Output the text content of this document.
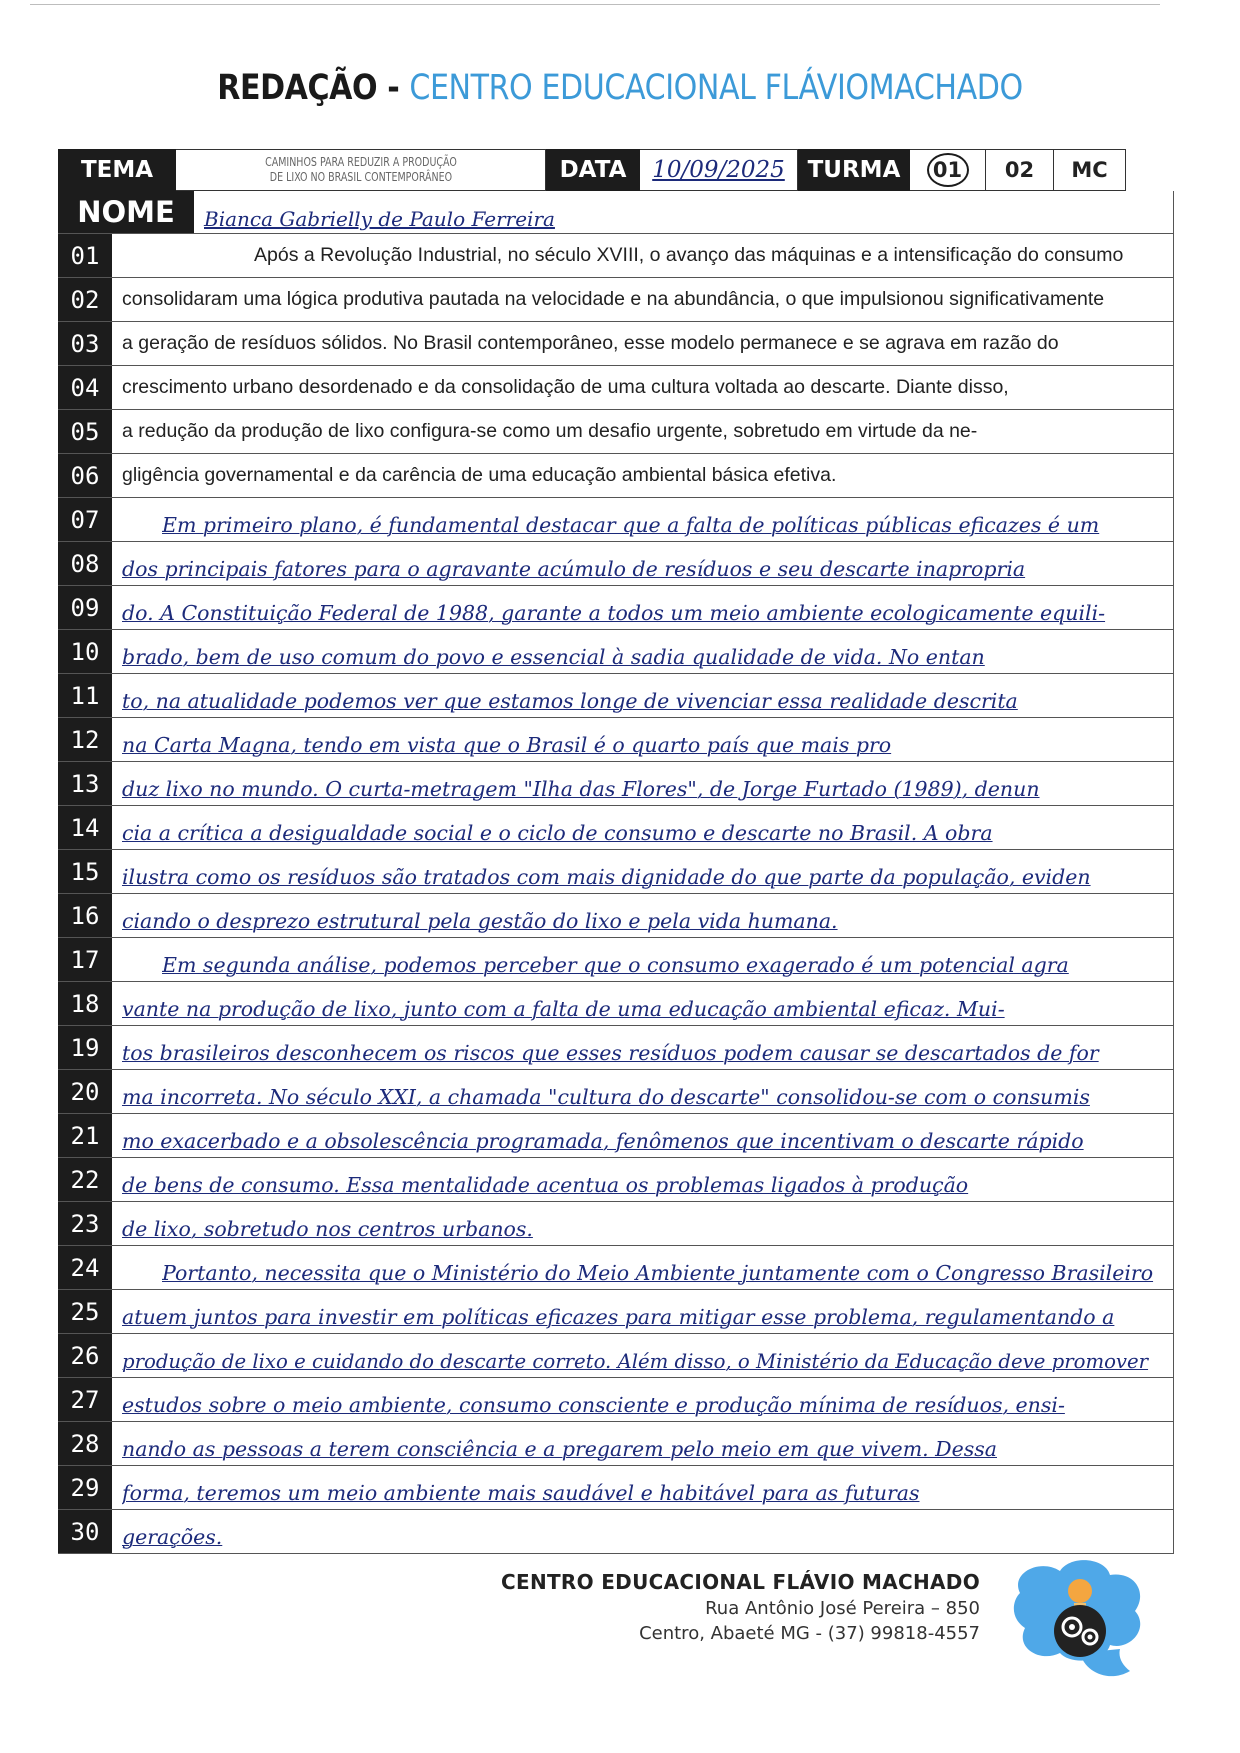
REDAÇÃO - CENTRO EDUCACIONAL FLÁVIOMACHADO
TEMA	CAMINHOS PARA REDUZIR A PRODUÇÃO
DE LIXO NO BRASIL CONTEMPORÂNEO	DATA	10/09/2025 TURMA	01 02 MC
NOME	Bianca Gabrielly de Paulo Ferreira
01	Após a Revolução Industrial, no século XVIII, o avanço das máquinas e a intensificação do consumo
02	consolidaram uma lógica produtiva pautada na velocidade e na abundância, o que impulsionou significativamente
03	a geração de resíduos sólidos. No Brasil contemporâneo, esse modelo permanece e se agrava em razão do
04	crescimento urbano desordenado e da consolidação de uma cultura voltada ao descarte. Diante disso,
05	a redução da produção de lixo configura-se como um desafio urgente, sobretudo em virtude da ne-
06	gligência governamental e da carência de uma educação ambiental básica efetiva.
07	Em primeiro plano, é fundamental destacar que a falta de políticas públicas eficazes é um
08	dos principais fatores para o agravante acúmulo de resíduos e seu descarte inapropria
09	do. A Constituição Federal de 1988, garante a todos um meio ambiente ecologicamente equili-
10	brado, bem de uso comum do povo e essencial à sadia qualidade de vida. No entan
11	to, na atualidade podemos ver que estamos longe de vivenciar essa realidade descrita
12	na Carta Magna, tendo em vista que o Brasil é o quarto país que mais pro
13	duz lixo no mundo. O curta-metragem "Ilha das Flores", de Jorge Furtado (1989), denun
14	cia a crítica a desigualdade social e o ciclo de consumo e descarte no Brasil. A obra
15	ilustra como os resíduos são tratados com mais dignidade do que parte da população, eviden
16	ciando o desprezo estrutural pela gestão do lixo e pela vida humana.
17	Em segunda análise, podemos perceber que o consumo exagerado é um potencial agra
18	vante na produção de lixo, junto com a falta de uma educação ambiental eficaz. Mui-
19	tos brasileiros desconhecem os riscos que esses resíduos podem causar se descartados de for
20	ma incorreta. No século XXI, a chamada "cultura do descarte" consolidou-se com o consumis
21	mo exacerbado e a obsolescência programada, fenômenos que incentivam o descarte rápido
22	de bens de consumo. Essa mentalidade acentua os problemas ligados à produção
23	de lixo, sobretudo nos centros urbanos.
24	Portanto, necessita que o Ministério do Meio Ambiente juntamente com o Congresso Brasileiro
25	atuem juntos para investir em políticas eficazes para mitigar esse problema, regulamentando a
26	produção de lixo e cuidando do descarte correto. Além disso, o Ministério da Educação deve promover
27	estudos sobre o meio ambiente, consumo consciente e produção mínima de resíduos, ensi-
28	nando as pessoas a terem consciência e a pregarem pelo meio em que vivem. Dessa
29	forma, teremos um meio ambiente mais saudável e habitável para as futuras
30	gerações.
CENTRO EDUCACIONAL FLÁVIO MACHADO
Rua Antônio José Pereira – 850
Centro, Abaeté MG - (37) 99818-4557
